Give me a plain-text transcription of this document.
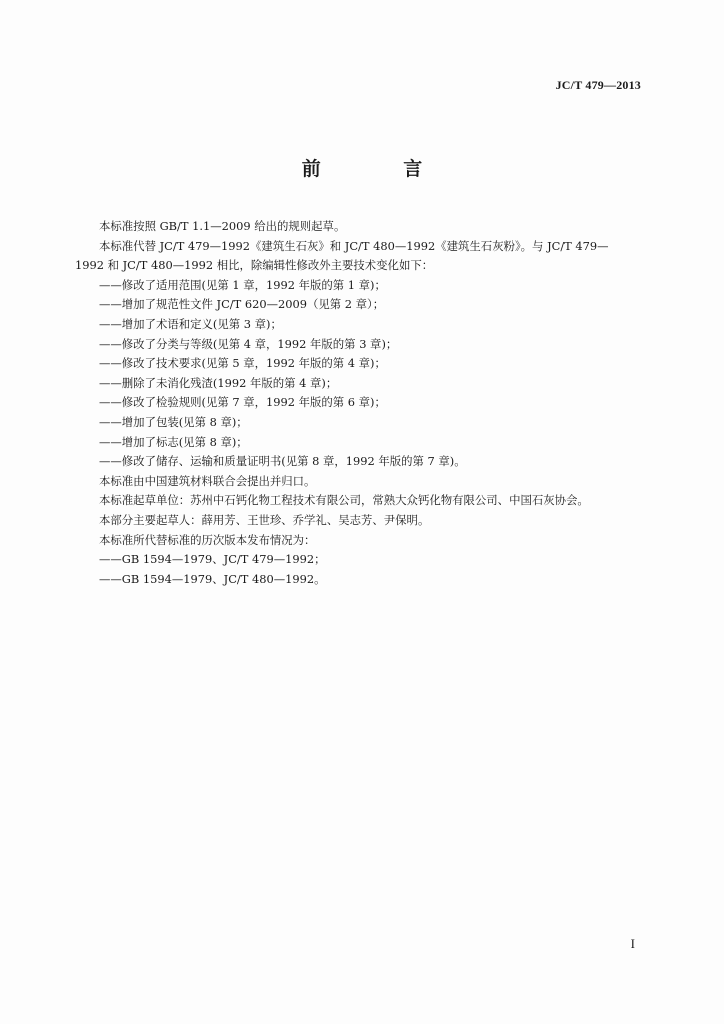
JC/T 479—2013
前 言

本标准按照 GB/T 1.1—2009 给出的规则起草。

本标准代替 JC/T 479—1992《建筑生石灰》和 JC/T 480—1992《建筑生石灰粉》。与 JC/T 479—

1992 和 JC/T 480—1992 相比，除编辑性修改外主要技术变化如下：

——修改了适用范围(见第 1 章，1992 年版的第 1 章)；

——增加了规范性文件 JC/T 620—2009（见第 2 章）；

——增加了术语和定义(见第 3 章)；

——修改了分类与等级(见第 4 章，1992 年版的第 3 章)；

——修改了技术要求(见第 5 章，1992 年版的第 4 章)；

——删除了未消化残渣(1992 年版的第 4 章)；

——修改了检验规则(见第 7 章，1992 年版的第 6 章)；

——增加了包装(见第 8 章)；

——增加了标志(见第 8 章)；

——修改了储存、运输和质量证明书(见第 8 章，1992 年版的第 7 章)。

本标准由中国建筑材料联合会提出并归口。

本标准起草单位：苏州中石钙化物工程技术有限公司，常熟大众钙化物有限公司、中国石灰协会。

本部分主要起草人：薛用芳、王世珍、乔学礼、吴志芳、尹保明。

本标准所代替标准的历次版本发布情况为：

——GB 1594—1979、JC/T 479—1992；

——GB 1594—1979、JC/T 480—1992。

I
